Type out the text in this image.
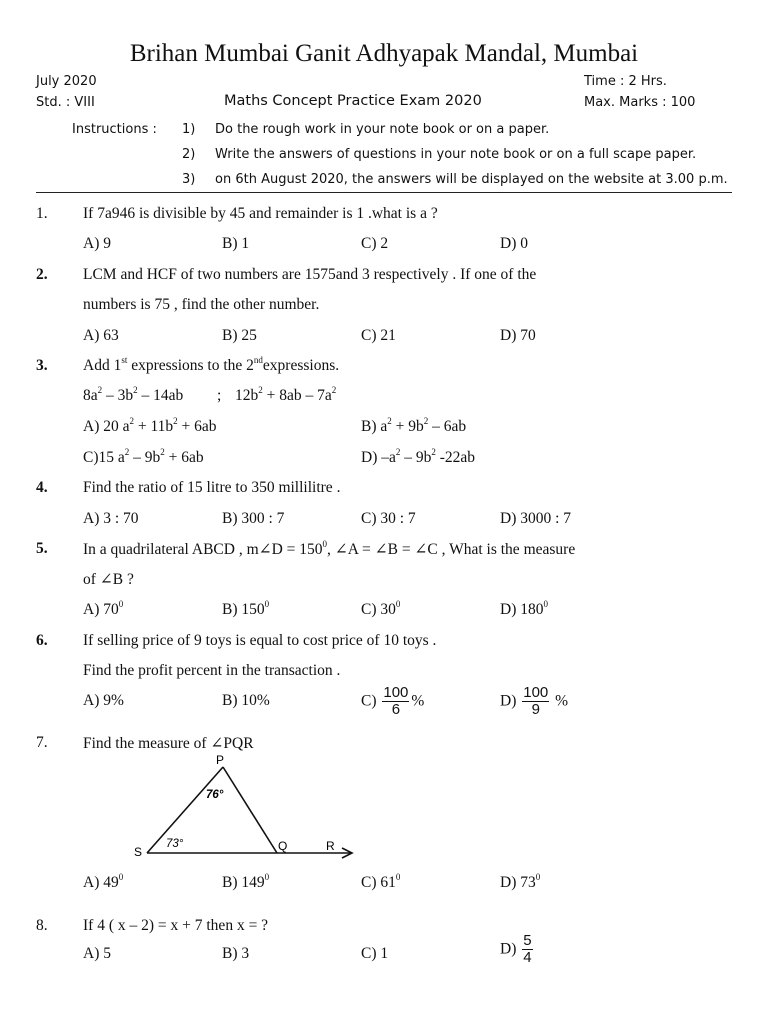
Brihan Mumbai Ganit Adhyapak Mandal, Mumbai
July 2020	Time : 2 Hrs.
Std. : VIII	Maths Concept Practice Exam 2020	Max. Marks : 100
Instructions : 1) Do the rough work in your note book or on a paper.
2) Write the answers of questions in your note book or on a full scape paper.
3) on 6th August 2020, the answers will be displayed on the website at 3.00 p.m.
1. If 7a946 is divisible by 45 and remainder is 1 .what is a ?
A) 9	B) 1	C) 2	D) 0
2. LCM and HCF of two numbers are 1575and 3 respectively . If one of the
numbers is 75 , find the other number.
A) 63	B) 25	C) 21	D) 70
3. Add 1st expressions to the 2ndexpressions.
$8a^2 - 3b^2 - 14ab$ ; $12b^2 + 8ab - 7a^2$
A) 20 $a^2 + 11b^2 + 6ab$	B) $a^2 + 9b^2 - 6ab$
C)15 $a^2 - 9b^2 + 6ab$	D) $-a^2 - 9b^2$ -22ab
4. Find the ratio of 15 litre to 350 millilitre .
A) 3 : 70	B) 300 : 7	C) 30 : 7	D) 3000 : 7
5. In a quadrilateral ABCD , m∠D = $150^0$, ∠A = ∠B = ∠C , What is the measure
of ∠B ?
A) $70^0$	B) $150^0$	C) $30^0$	D) $180^0$
6. If selling price of 9 toys is equal to cost price of 10 toys .
Find the profit percent in the transaction .
A) 9%	B) 10%	$C) \frac{100}{6}$ %	$D) \frac{100}{9}$ %
7. Find the measure of ∠PQR
P
S	Q	R
76°
73°
A) $49^0$	B) $149^0$	C) $61^0$	D) $73^0$
8. If 4 ( x – 2) = x + 7 then x = ?
A) 5	B) 3	C) 1	$D) \frac{5}{4}$
